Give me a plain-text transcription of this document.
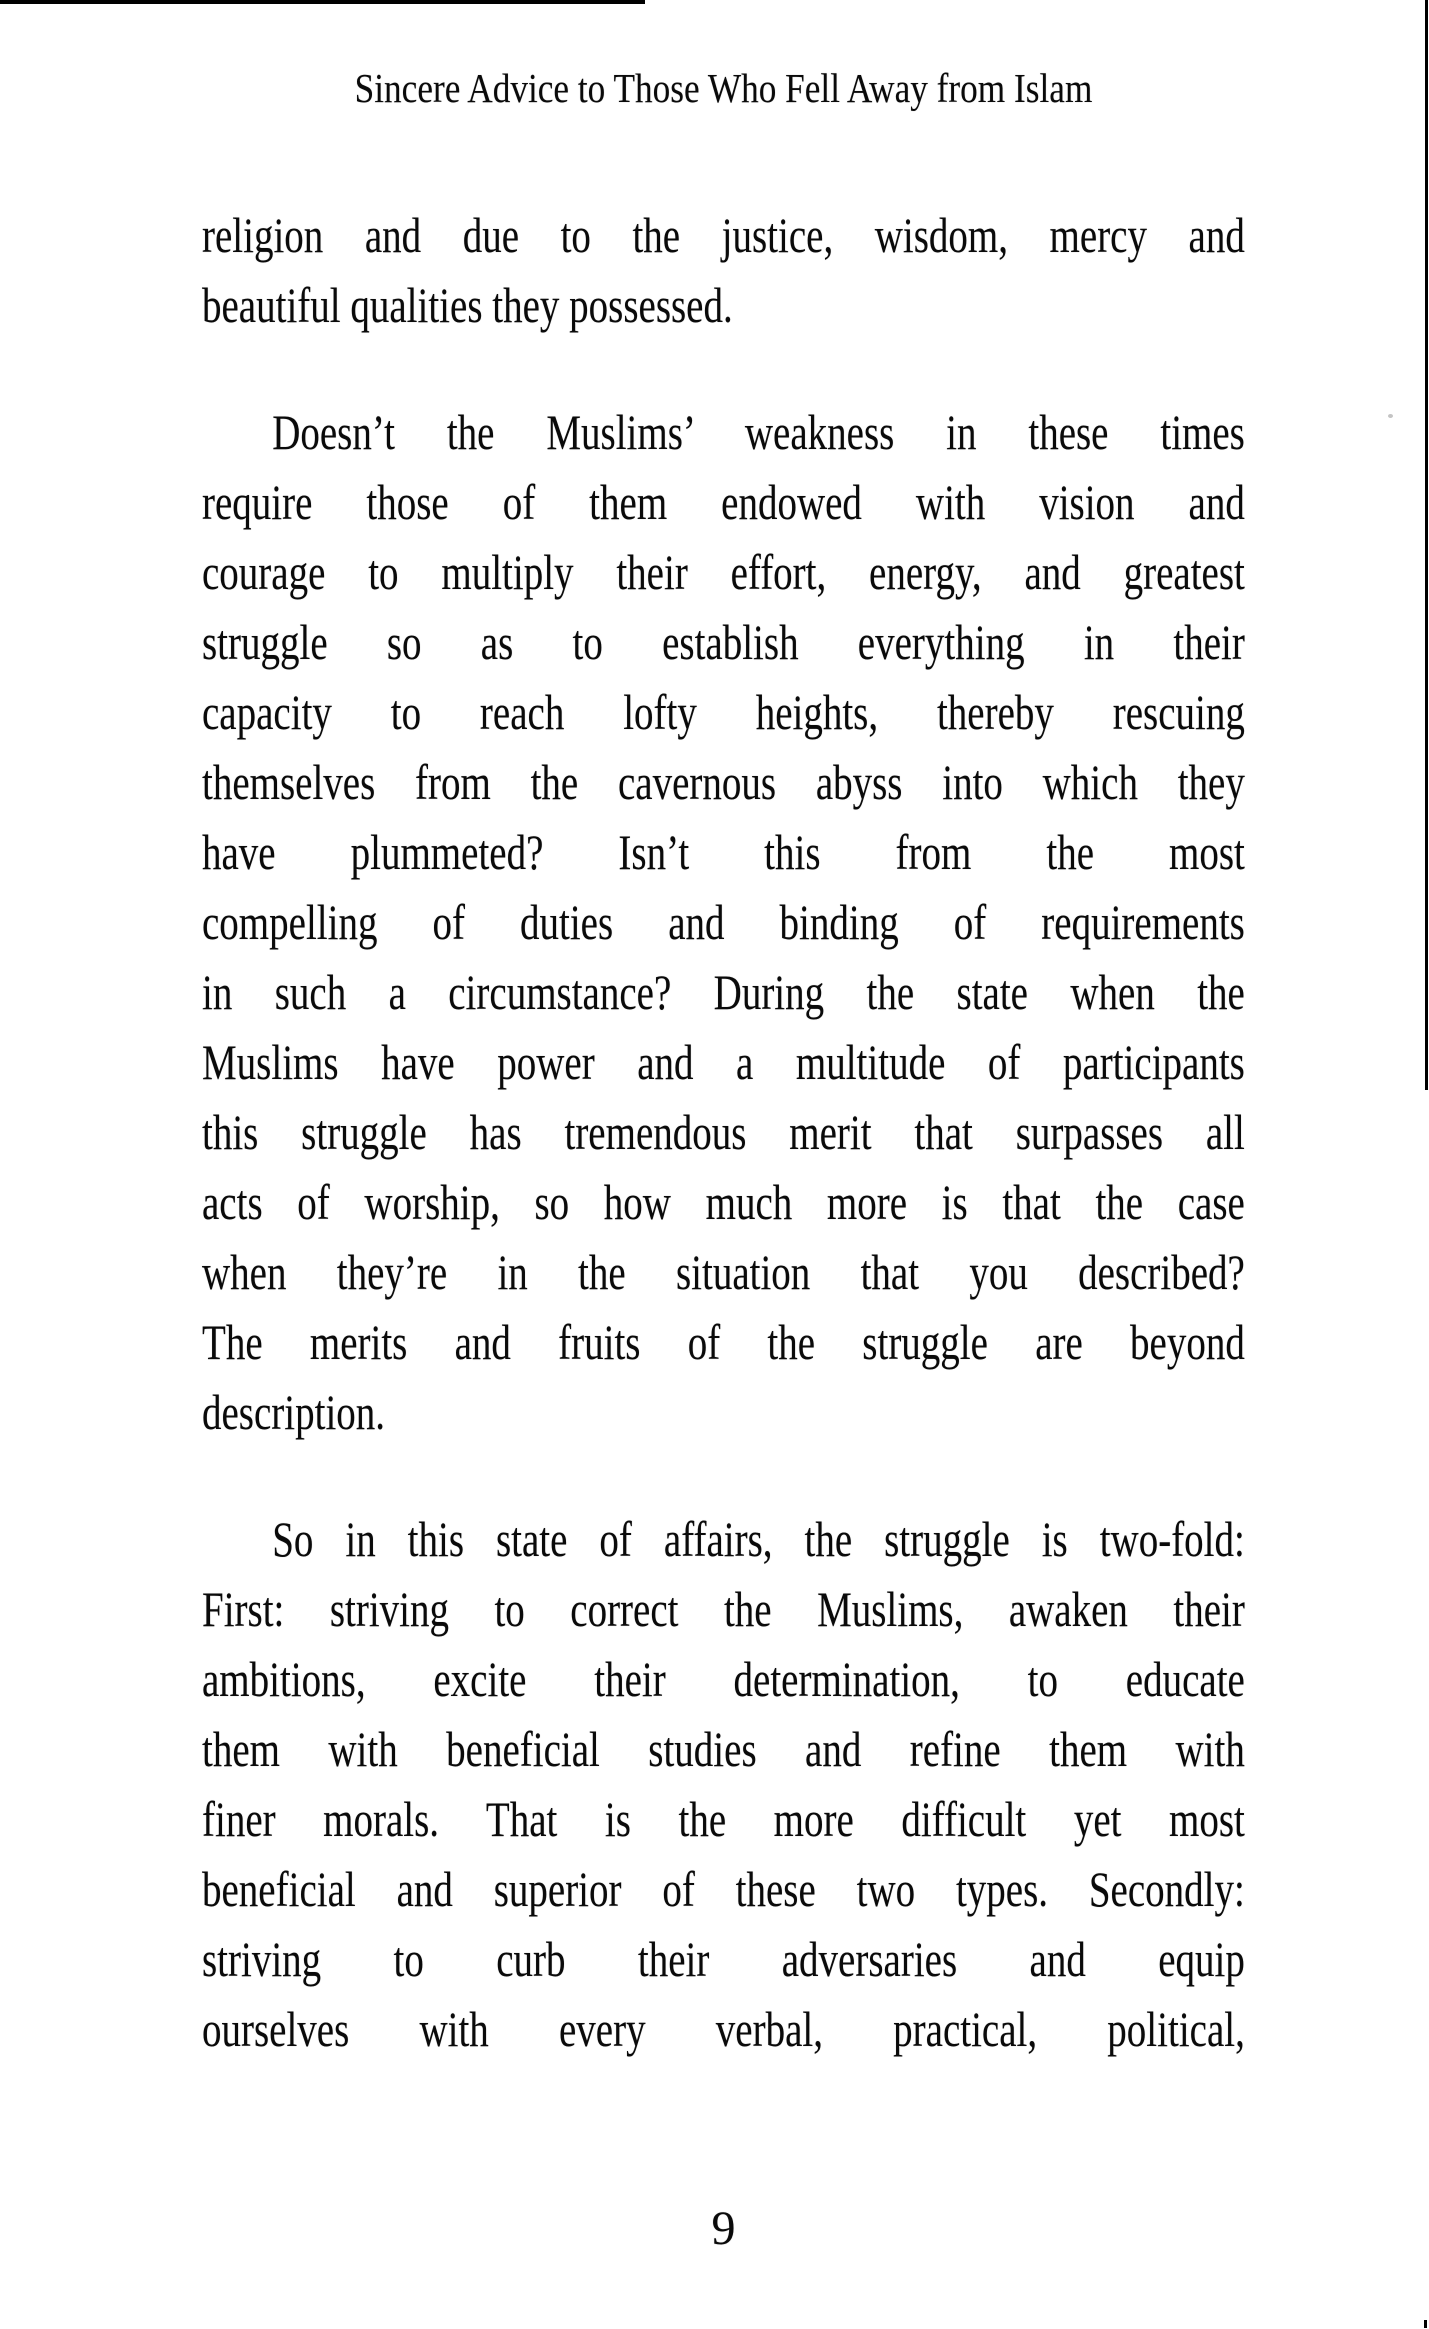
Sincere Advice to Those Who Fell Away from Islam
religion and due to the justice, wisdom, mercy and
beautiful qualities they possessed.
Doesn’t the Muslims’ weakness in these times
require those of them endowed with vision and
courage to multiply their effort, energy, and greatest
struggle so as to establish everything in their
capacity to reach lofty heights, thereby rescuing
themselves from the cavernous abyss into which they
have plummeted? Isn’t this from the most
compelling of duties and binding of requirements
in such a circumstance? During the state when the
Muslims have power and a multitude of participants
this struggle has tremendous merit that surpasses all
acts of worship, so how much more is that the case
when they’re in the situation that you described?
The merits and fruits of the struggle are beyond
description.
So in this state of affairs, the struggle is two-fold:
First: striving to correct the Muslims, awaken their
ambitions, excite their determination, to educate
them with beneficial studies and refine them with
finer morals. That is the more difficult yet most
beneficial and superior of these two types. Secondly:
striving to curb their adversaries and equip
ourselves with every verbal, practical, political,
9
